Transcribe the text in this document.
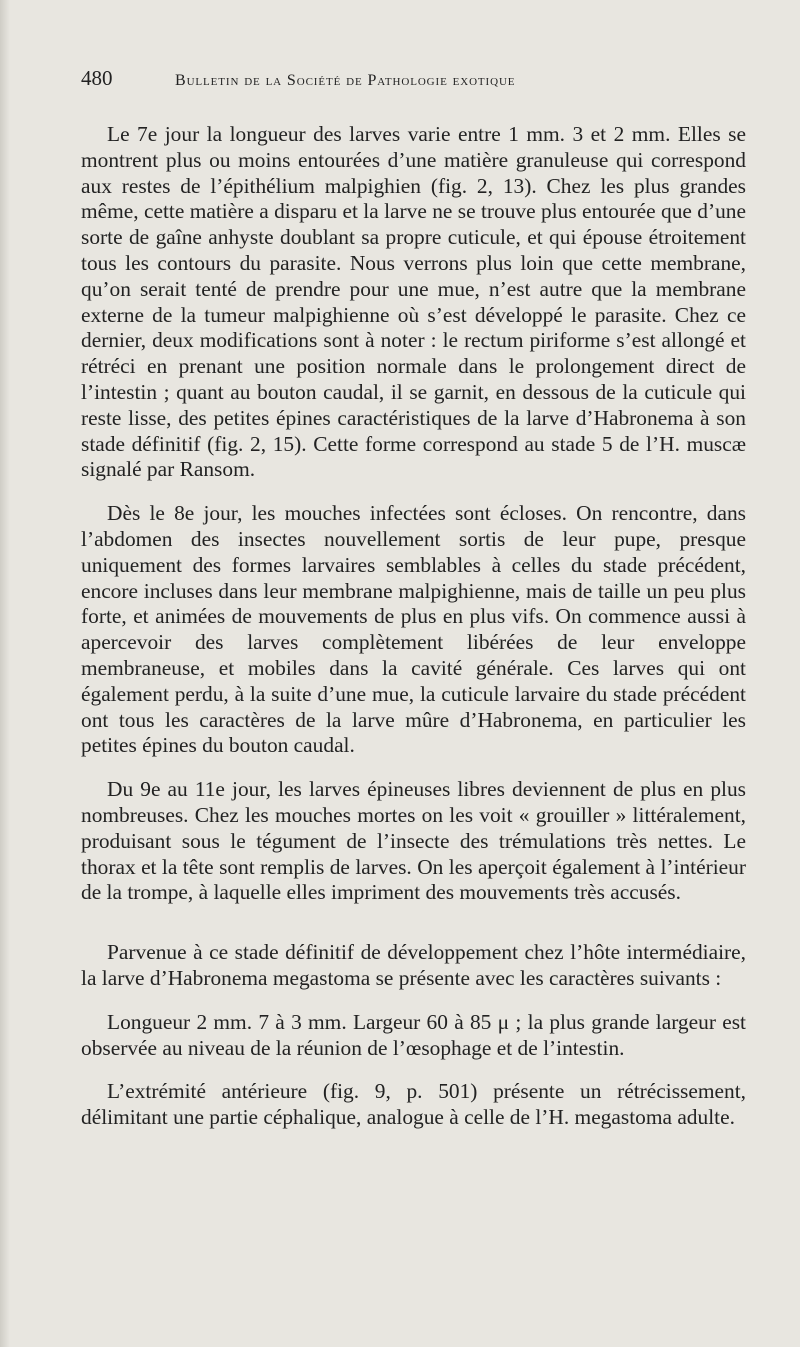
480	Bulletin de la Société de Pathologie exotique

Le 7e jour la longueur des larves varie entre 1 mm. 3 et 2 mm. Elles se montrent plus ou moins entourées d’une matière granuleuse qui correspond aux restes de l’épithélium malpighien (fig. 2, 13). Chez les plus grandes même, cette matière a disparu et la larve ne se trouve plus entourée que d’une sorte de gaîne anhyste doublant sa propre cuticule, et qui épouse étroitement tous les contours du parasite. Nous verrons plus loin que cette membrane, qu’on serait tenté de prendre pour une mue, n’est autre que la membrane externe de la tumeur malpighienne où s’est développé le parasite. Chez ce dernier, deux modifications sont à noter : le rectum piriforme s’est allongé et rétréci en prenant une position normale dans le prolongement direct de l’intestin ; quant au bouton caudal, il se garnit, en dessous de la cuticule qui reste lisse, des petites épines caractéristiques de la larve d’Habronema à son stade définitif (fig. 2, 15). Cette forme correspond au stade 5 de l’H. muscæ signalé par Ransom.

Dès le 8e jour, les mouches infectées sont écloses. On rencontre, dans l’abdomen des insectes nouvellement sortis de leur pupe, presque uniquement des formes larvaires semblables à celles du stade précédent, encore incluses dans leur membrane malpighienne, mais de taille un peu plus forte, et animées de mouvements de plus en plus vifs. On commence aussi à apercevoir des larves complètement libérées de leur enveloppe membraneuse, et mobiles dans la cavité générale. Ces larves qui ont également perdu, à la suite d’une mue, la cuticule larvaire du stade précédent ont tous les caractères de la larve mûre d’Habronema, en particulier les petites épines du bouton caudal.

Du 9e au 11e jour, les larves épineuses libres deviennent de plus en plus nombreuses. Chez les mouches mortes on les voit « grouiller » littéralement, produisant sous le tégument de l’insecte des trémulations très nettes. Le thorax et la tête sont remplis de larves. On les aperçoit également à l’intérieur de la trompe, à laquelle elles impriment des mouvements très accusés.

Parvenue à ce stade définitif de développement chez l’hôte intermédiaire, la larve d’Habronema megastoma se présente avec les caractères suivants :

Longueur 2 mm. 7 à 3 mm. Largeur 60 à 85 μ ; la plus grande largeur est observée au niveau de la réunion de l’œsophage et de l’intestin.

L’extrémité antérieure (fig. 9, p. 501) présente un rétrécissement, délimitant une partie céphalique, analogue à celle de l’H. megastoma adulte.
